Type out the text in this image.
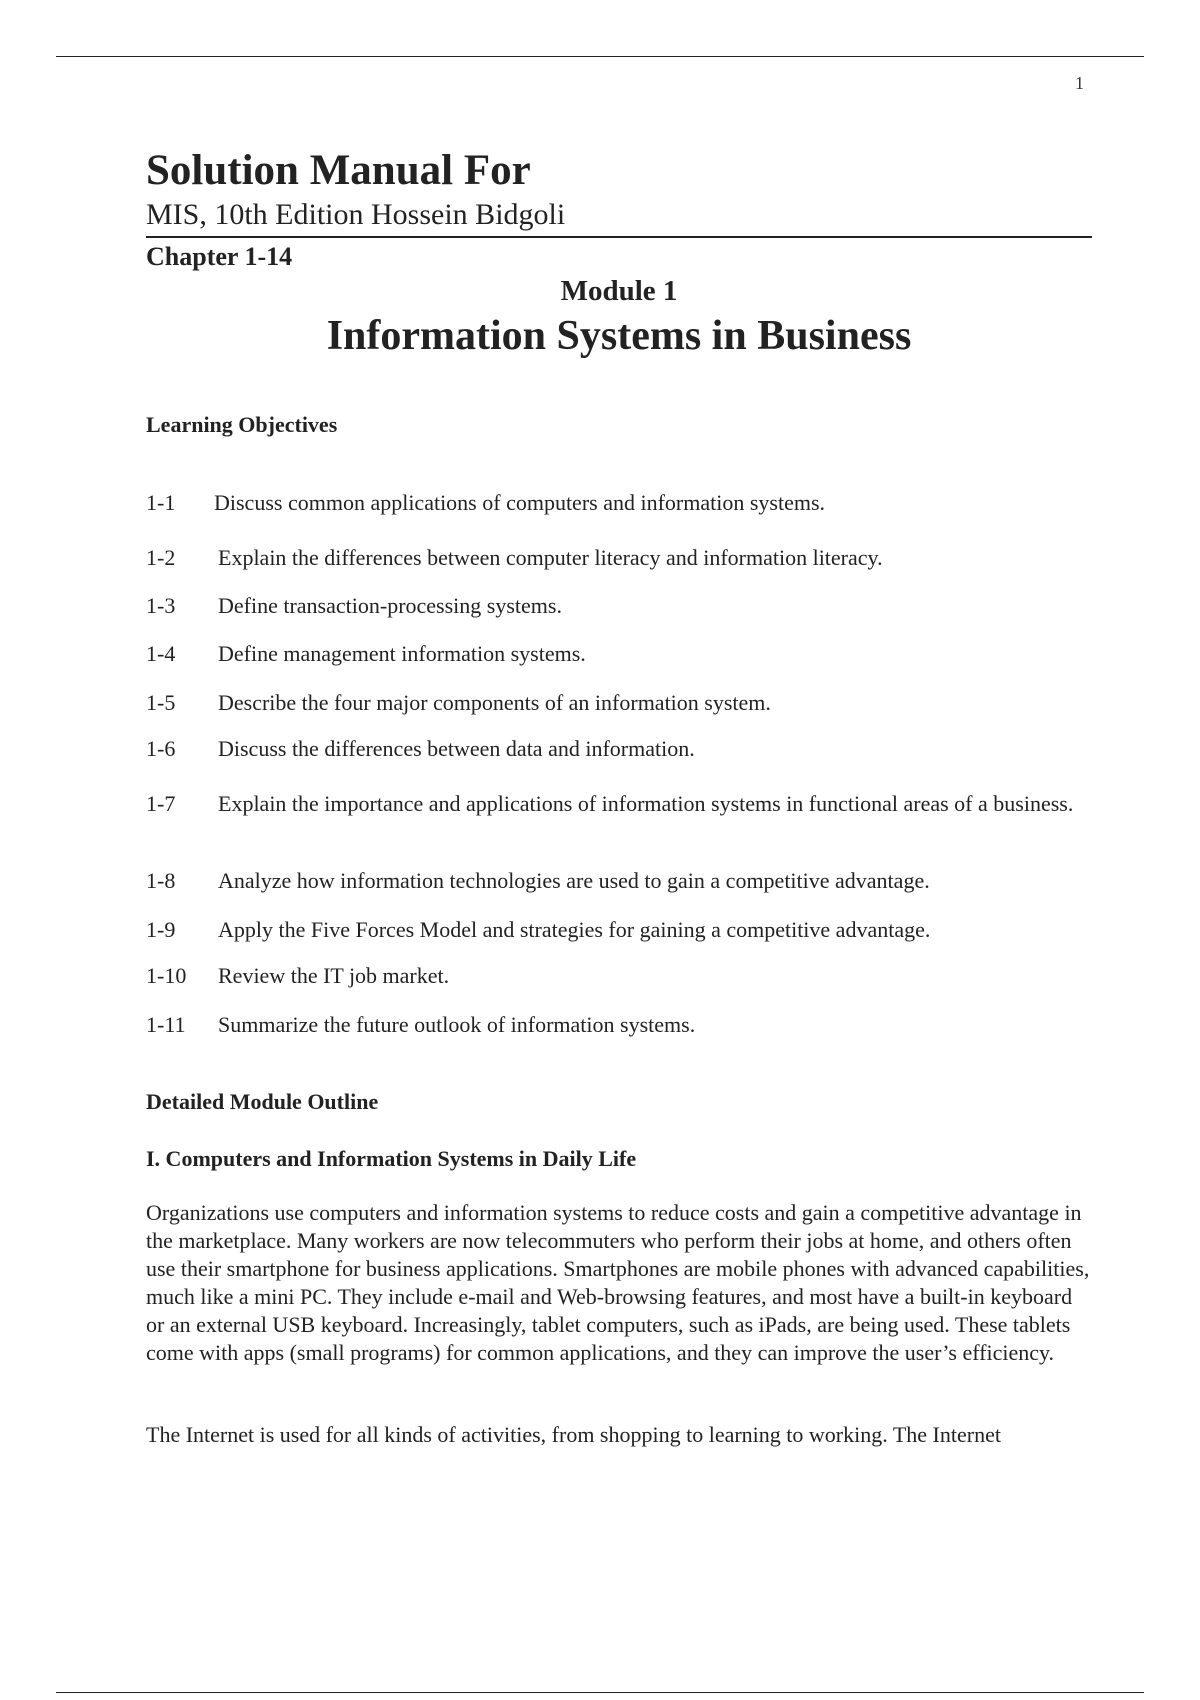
1
Solution Manual For
MIS, 10th Edition Hossein Bidgoli
Chapter 1-14
Module 1
Information Systems in Business
Learning Objectives
1-1 Discuss common applications of computers and information systems.
1-2 Explain the differences between computer literacy and information literacy.
1-3 Define transaction-processing systems.
1-4 Define management information systems.
1-5 Describe the four major components of an information system.
1-6 Discuss the differences between data and information.
1-7 Explain the importance and applications of information systems in functional areas of a business.
1-8 Analyze how information technologies are used to gain a competitive advantage.
1-9 Apply the Five Forces Model and strategies for gaining a competitive advantage.
1-10 Review the IT job market.
1-11 Summarize the future outlook of information systems.
Detailed Module Outline
I. Computers and Information Systems in Daily Life
Organizations use computers and information systems to reduce costs and gain a competitive advantage in the marketplace. Many workers are now telecommuters who perform their jobs at home, and others often use their smartphone for business applications. Smartphones are mobile phones with advanced capabilities, much like a mini PC. They include e-mail and Web-browsing features, and most have a built-in keyboard or an external USB keyboard. Increasingly, tablet computers, such as iPads, are being used. These tablets come with apps (small programs) for common applications, and they can improve the user’s efficiency.
The Internet is used for all kinds of activities, from shopping to learning to working. The Internet
